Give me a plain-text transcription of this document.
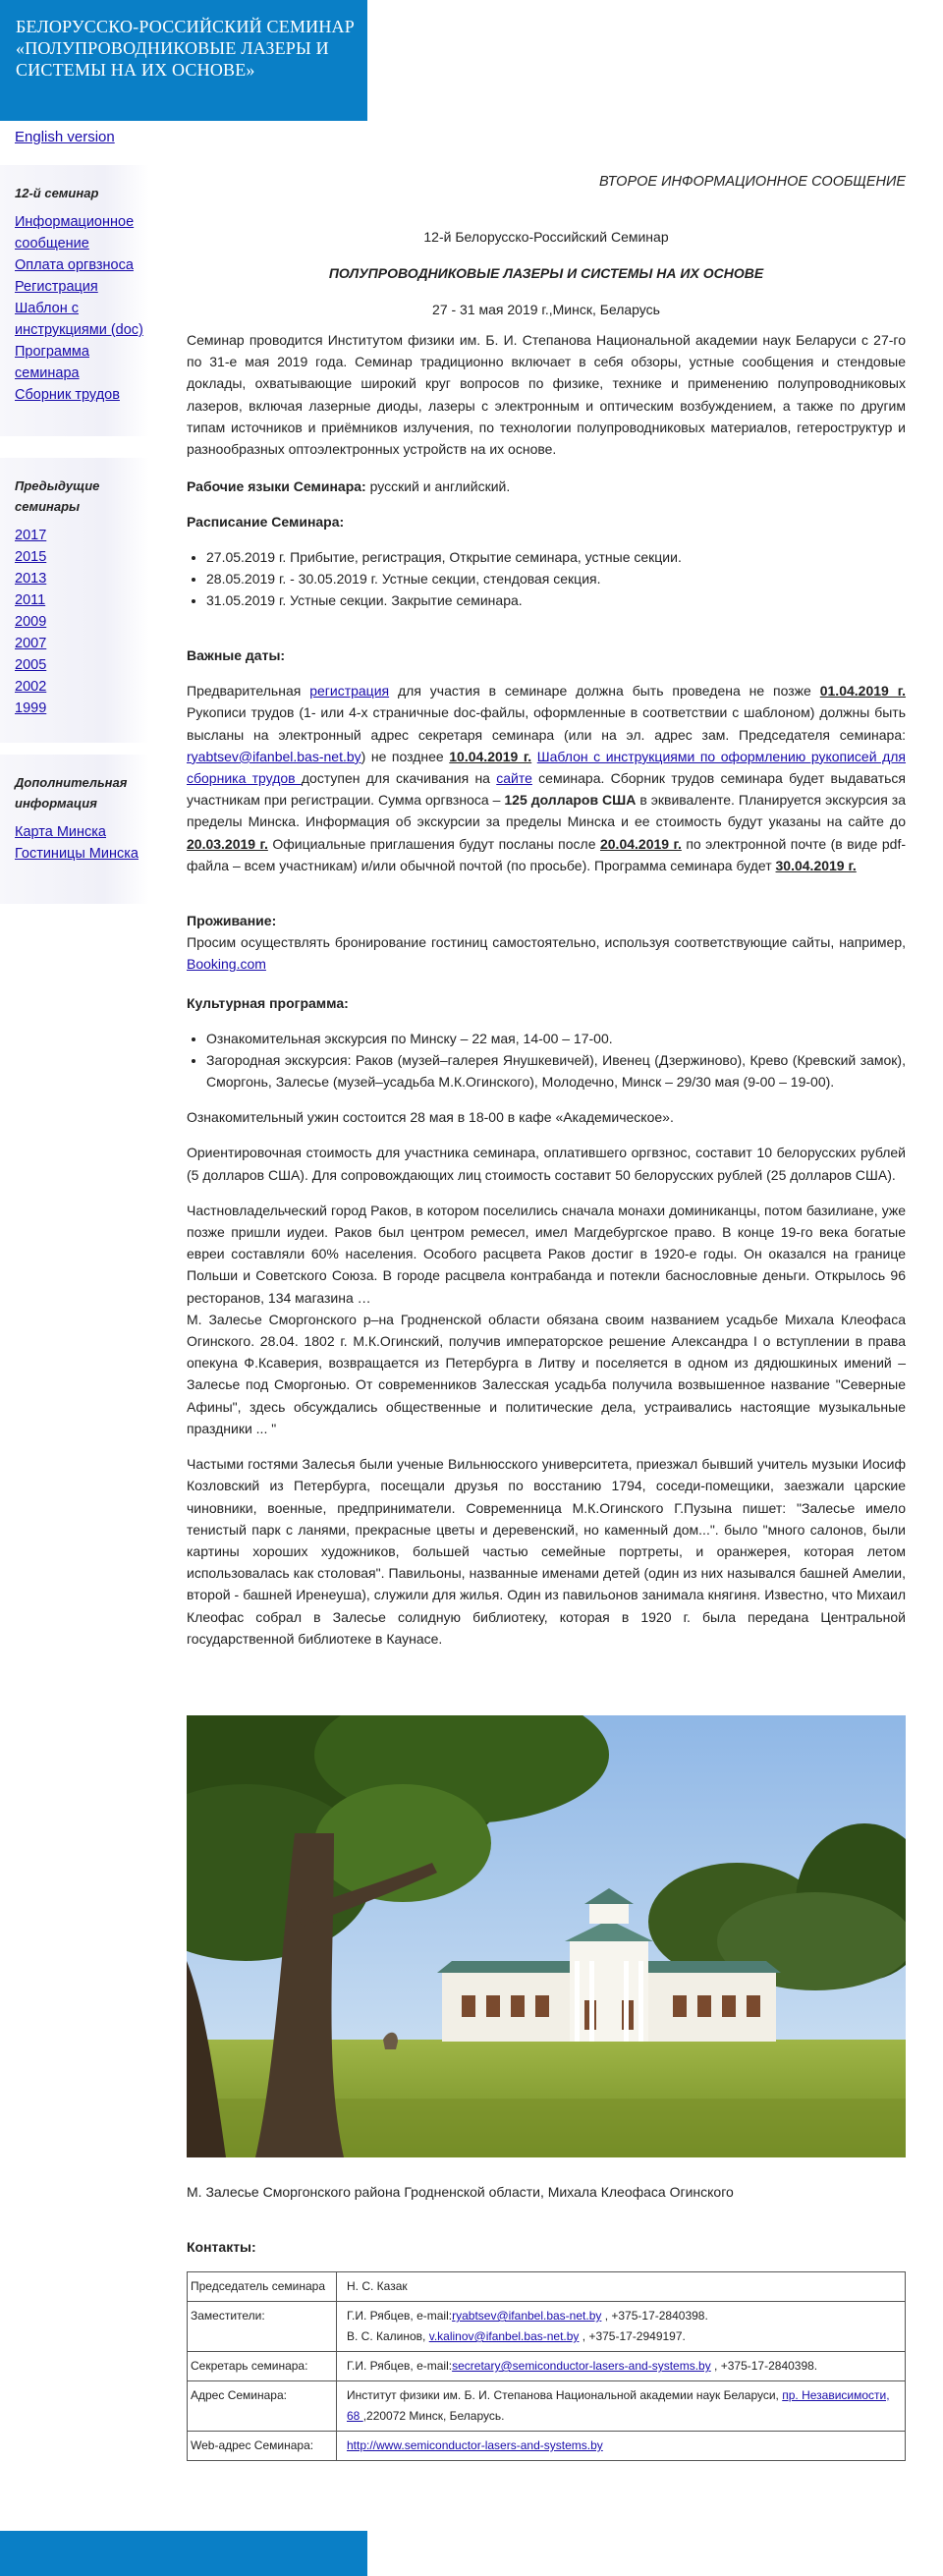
БЕЛОРУССКО-РОССИЙСКИЙ СЕМИНАР «ПОЛУПРОВОДНИКОВЫЕ ЛАЗЕРЫ И СИСТЕМЫ НА ИХ ОСНОВЕ»
English version
12-й семинар
Информационное сообщение
Оплата оргвзноса
Регистрация
Шаблон с инструкциями (doc)
Программа семинара
Сборник трудов
Предыдущие семинары
2017
2015
2013
2011
2009
2007
2005
2002
1999
Дополнительная информация
Карта Минска
Гостиницы Минска

ВТОРОЕ ИНФОРМАЦИОННОЕ СООБЩЕНИЕ

12-й Белорусско-Российский Семинар

ПОЛУПРОВОДНИКОВЫЕ ЛАЗЕРЫ И СИСТЕМЫ НА ИХ ОСНОВЕ

27 - 31 мая 2019 г.,Минск, Беларусь

Семинар проводится Институтом физики им. Б. И. Степанова Национальной академии наук Беларуси с 27-го по 31-е мая 2019 года. Семинар традиционно включает в себя обзоры, устные сообщения и стендовые доклады, охватывающие широкий круг вопросов по физике, технике и применению полупроводниковых лазеров, включая лазерные диоды, лазеры с электронным и оптическим возбуждением, а также по другим типам источников и приёмников излучения, по технологии полупроводниковых материалов, гетероструктур и разнообразных оптоэлектронных устройств на их основе.

Рабочие языки Семинара: русский и английский.

Расписание Семинара:

• 27.05.2019 г. Прибытие, регистрация, Открытие семинара, устные секции.
• 28.05.2019 г. - 30.05.2019 г. Устные секции, стендовая секция.
• 31.05.2019 г. Устные секции. Закрытие семинара.

Важные даты:

Предварительная регистрация для участия в семинаре должна быть проведена не позже 01.04.2019 г. Рукописи трудов (1- или 4-х страничные doc-файлы, оформленные в соответствии с шаблоном) должны быть высланы на электронный адрес секретаря семинара (или на эл. адрес зам. Председателя семинара: ryabtsev@ifanbel.bas-net.by) не позднее 10.04.2019 г. Шаблон с инструкциями по оформлению рукописей для сборника трудов доступен для скачивания на сайте семинара. Сборник трудов семинара будет выдаваться участникам при регистрации. Сумма оргвзноса – 125 долларов США в эквиваленте. Планируется экскурсия за пределы Минска. Информация об экскурсии за пределы Минска и ее стоимость будут указаны на сайте до 20.03.2019 г. Официальные приглашения будут посланы после 20.04.2019 г. по электронной почте (в виде pdf-файла – всем участникам) и/или обычной почтой (по просьбе). Программа семинара будет 30.04.2019 г.

Проживание:

Просим осуществлять бронирование гостиниц самостоятельно, используя соответствующие сайты, например, Booking.com

Культурная программа:

• Ознакомительная экскурсия по Минску – 22 мая, 14-00 – 17-00.
• Загородная экскурсия: Раков (музей–галерея Янушкевичей), Ивенец (Дзержиново), Крево (Кревский замок), Сморгонь, Залесье (музей–усадьба М.К.Огинского), Молодечно, Минск – 29/30 мая (9-00 – 19-00).

Ознакомительный ужин состоится 28 мая в 18-00 в кафе «Академическое».

Ориентировочная стоимость для участника семинара, оплатившего оргвзнос, составит 10 белорусских рублей (5 долларов США). Для сопровождающих лиц стоимость составит 50 белорусских рублей (25 долларов США).

Частновладельческий город Раков, в котором поселились сначала монахи доминиканцы, потом базилиане, уже позже пришли иудеи. Раков был центром ремесел, имел Магдебургское право. В конце 19-го века богатые евреи составляли 60% населения. Особого расцвета Раков достиг в 1920-е годы. Он оказался на границе Польши и Советского Союза. В городе расцвела контрабанда и потекли баснословные деньги. Открылось 96 ресторанов, 134 магазина …

М. Залесье Сморгонского р–на Гродненской области обязана своим названием усадьбе Михала Клеофаса Огинского. 28.04. 1802 г. М.К.Огинский, получив императорское решение Александра I о вступлении в права опекуна Ф.Ксаверия, возвращается из Петербурга в Литву и поселяется в одном из дядюшкиных имений – Залесье под Сморгонью. От современников Залесская усадьба получила возвышенное название "Северные Афины", здесь обсуждались общественные и политические дела, устраивались настоящие музыкальные праздники ... "

Частыми гостями Залесья были ученые Вильнюсского университета, приезжал бывший учитель музыки Иосиф Козловский из Петербурга, посещали друзья по восстанию 1794, соседи-помещики, заезжали царские чиновники, военные, предприниматели. Современница М.К.Огинского Г.Пузына пишет: "Залесье имело тенистый парк с ланями, прекрасные цветы и деревенский, но каменный дом...". было "много салонов, были картины хороших художников, большей частью семейные портреты, и оранжерея, которая летом использовалась как столовая". Павильоны, названные именами детей (один из них назывался башней Амелии, второй - башней Иренеуша), служили для жилья. Один из павильонов занимала княгиня. Известно, что Михаил Клеофас собрал в Залесье солидную библиотеку, которая в 1920 г. была передана Центральной государственной библиотеке в Каунасе.

М. Залесье Сморгонского района Гродненской области, Михала Клеофаса Огинского

Контакты:

Председатель семинара	Н. С. Казак
Заместители:	Г.И. Рябцев, e-mail:ryabtsev@ifanbel.bas-net.by , +375-17-2840398.
В. С. Калинов, v.kalinov@ifanbel.bas-net.by , +375-17-2949197.
Секретарь семинара:	Г.И. Рябцев, e-mail:secretary@semiconductor-lasers-and-systems.by , +375-17-2840398.
Адрес Семинара:	Институт физики им. Б. И. Степанова Национальной академии наук Беларуси, пр. Независимости, 68 ,220072 Минск, Беларусь.
Web-адрес Семинара:	http://www.semiconductor-lasers-and-systems.by
